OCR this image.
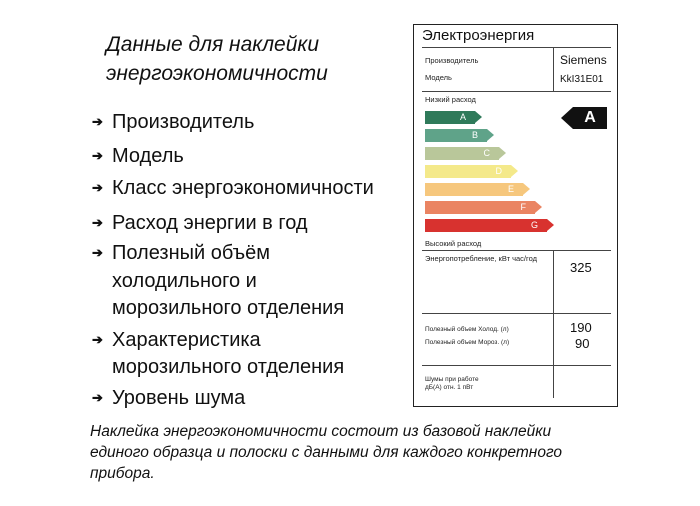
Данные для наклейки
энергоэкономичности
➔ Производитель
➔ Модель
➔ Класс энергоэкономичности
➔ Расход энергии в год
➔ Полезный объём
холодильного и
морозильного отделения
➔ Характеристика
морозильного отделения
➔ Уровень шума
Электроэнергия
Производитель
Модель
Siemens
KkI31E01
Низкий расход
A
B
C
D
E
F
G
Высокий расход
Энергопотребление, кВт час/год
325
Полезный объем Холод. (л)
Полезный объем Мороз. (л)
190
90
Шумы при работе
дБ(А) отн. 1 пВт
A
Наклейка энергоэкономичности состоит из базовой наклейки
единого образца и полоски с данными для каждого конкретного
прибора.
